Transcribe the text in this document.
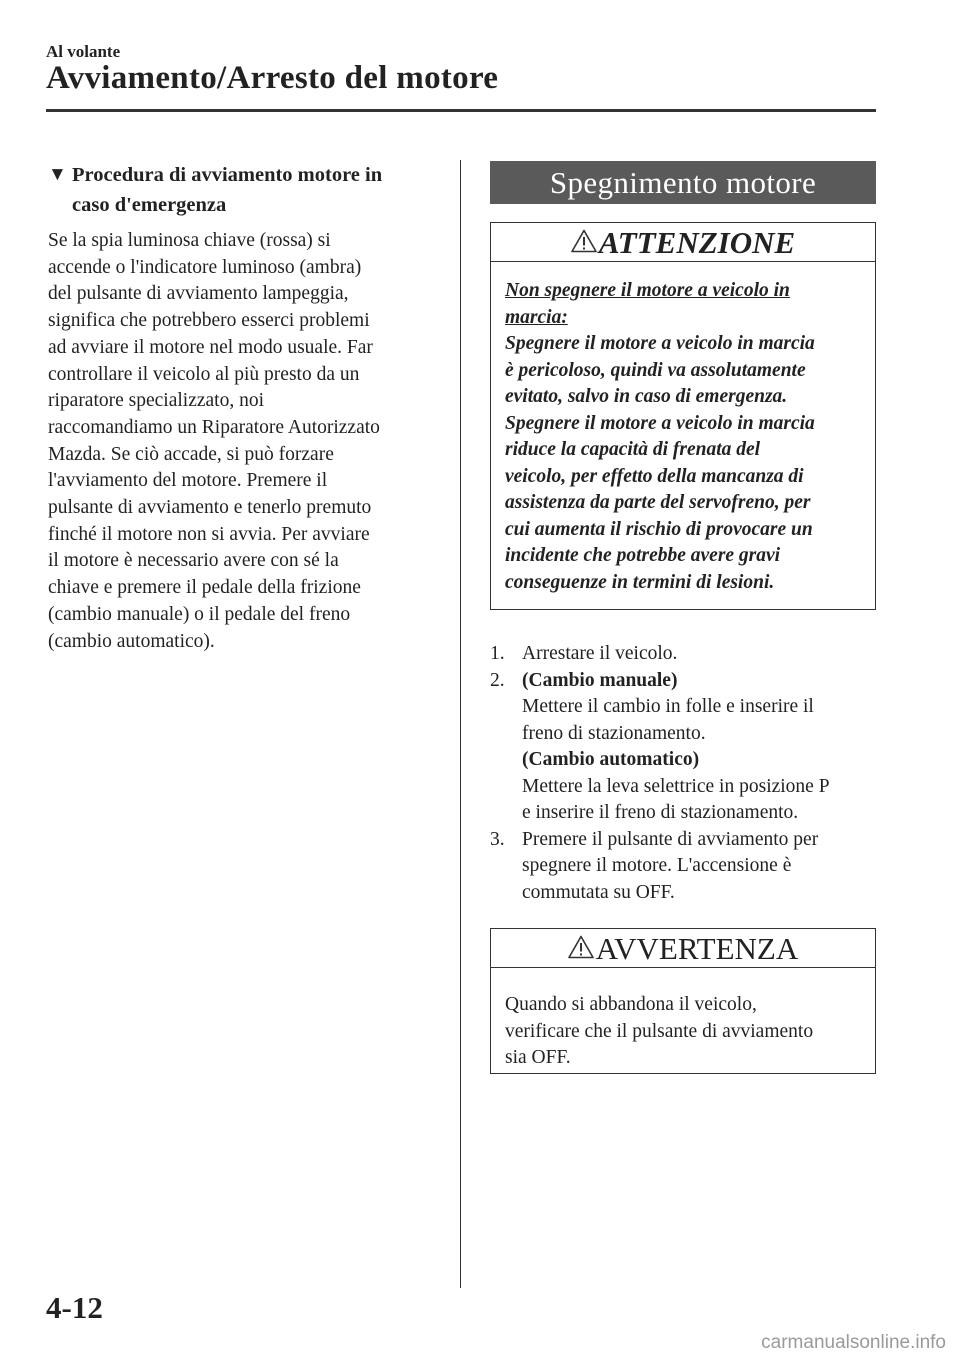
Al volante
Avviamento/Arresto del motore
▼ Procedura di avviamento motore in
caso d'emergenza
Se la spia luminosa chiave (rossa) si
accende o l'indicatore luminoso (ambra)
del pulsante di avviamento lampeggia,
significa che potrebbero esserci problemi
ad avviare il motore nel modo usuale. Far
controllare il veicolo al più presto da un
riparatore specializzato, noi
raccomandiamo un Riparatore Autorizzato
Mazda. Se ciò accade, si può forzare
l'avviamento del motore. Premere il
pulsante di avviamento e tenerlo premuto
finché il motore non si avvia. Per avviare
il motore è necessario avere con sé la
chiave e premere il pedale della frizione
(cambio manuale) o il pedale del freno
(cambio automatico).
Spegnimento motore
ATTENZIONE
Non spegnere il motore a veicolo in
marcia:
Spegnere il motore a veicolo in marcia
è pericoloso, quindi va assolutamente
evitato, salvo in caso di emergenza.
Spegnere il motore a veicolo in marcia
riduce la capacità di frenata del
veicolo, per effetto della mancanza di
assistenza da parte del servofreno, per
cui aumenta il rischio di provocare un
incidente che potrebbe avere gravi
conseguenze in termini di lesioni.
1. Arrestare il veicolo.
2. (Cambio manuale)
Mettere il cambio in folle e inserire il
freno di stazionamento.
(Cambio automatico)
Mettere la leva selettrice in posizione P
e inserire il freno di stazionamento.
3. Premere il pulsante di avviamento per
spegnere il motore. L'accensione è
commutata su OFF.
AVVERTENZA
Quando si abbandona il veicolo,
verificare che il pulsante di avviamento
sia OFF.
4-12
carmanualsonline.info
